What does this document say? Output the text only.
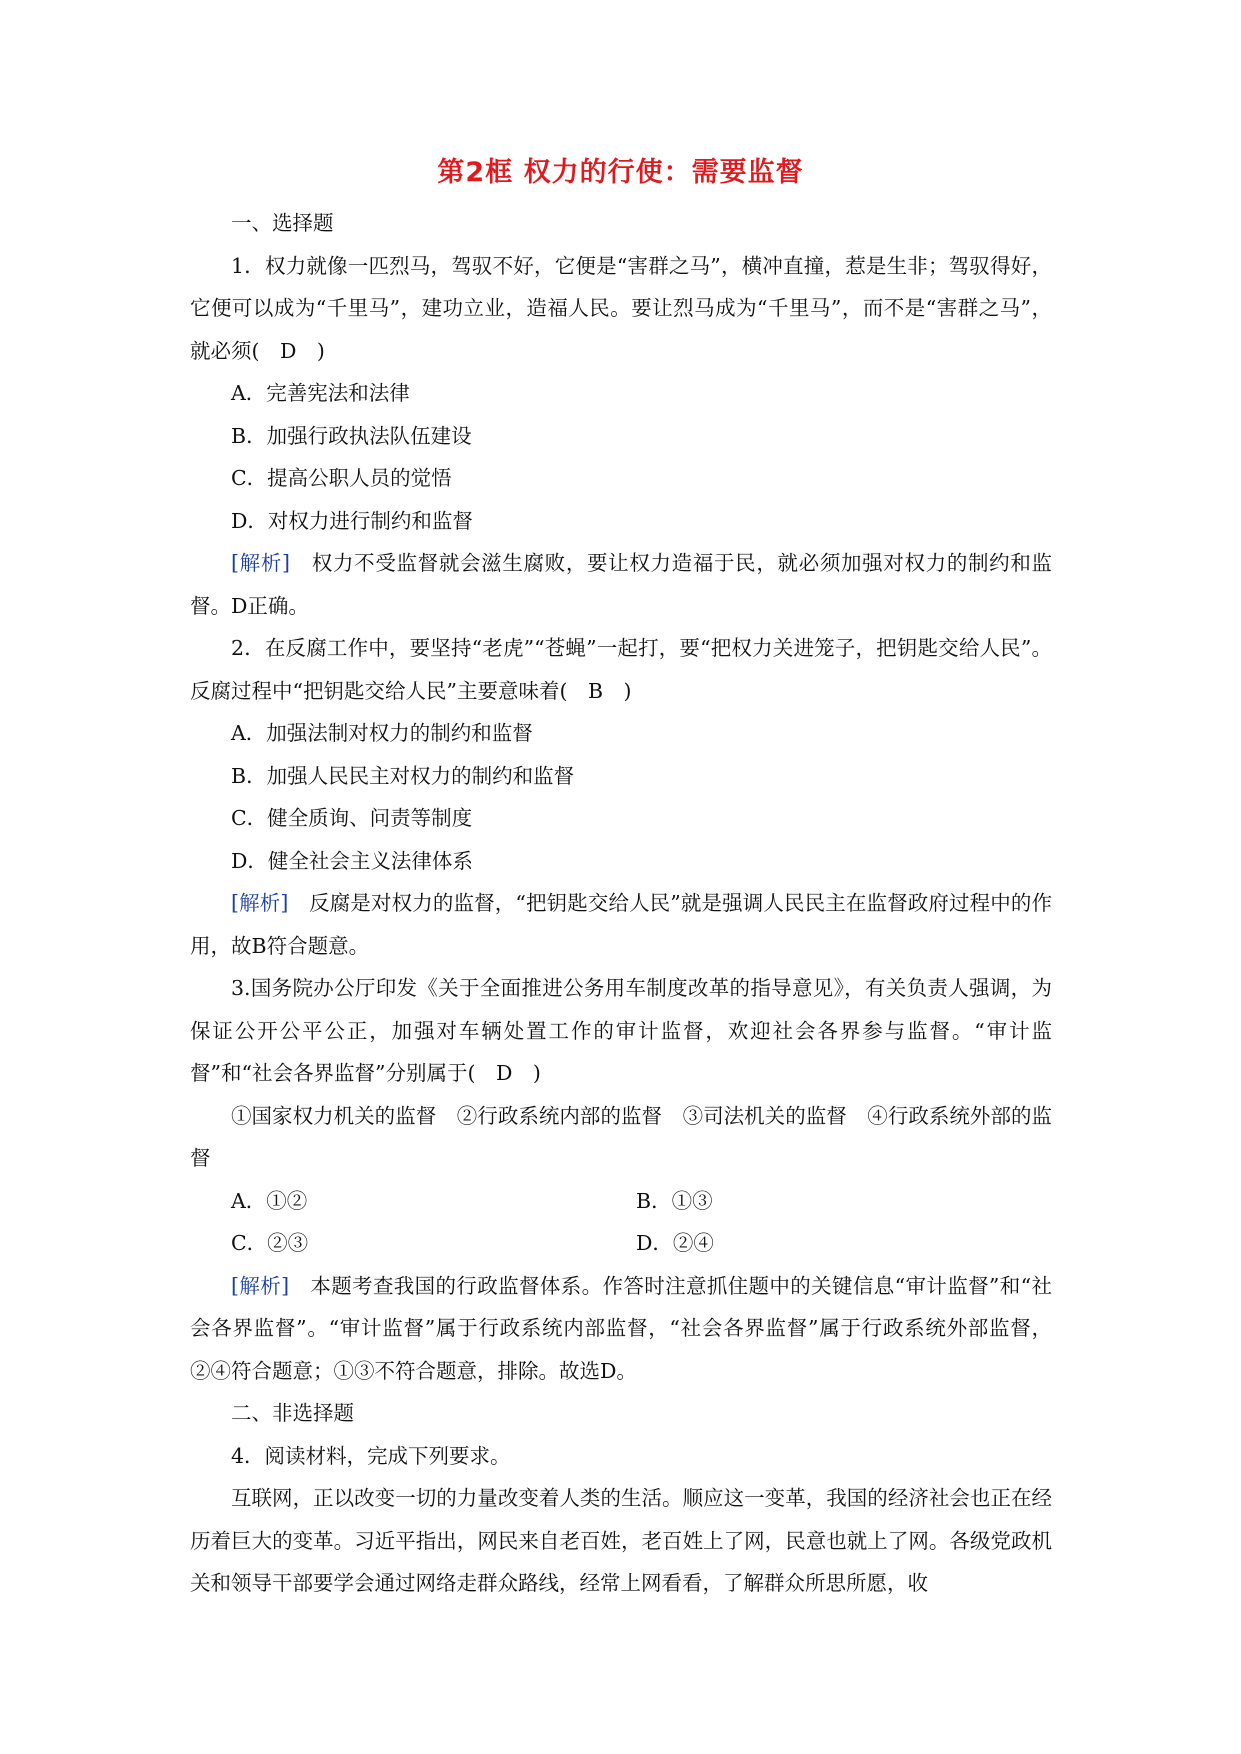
第2框 权力的行使：需要监督

一、选择题

1．权力就像一匹烈马，驾驭不好，它便是“害群之马”，横冲直撞，惹是生非；驾驭得好，它便可以成为“千里马”，建功立业，造福人民。要让烈马成为“千里马”，而不是“害群之马”，就必须(　D　)

A．完善宪法和法律

B．加强行政执法队伍建设

C．提高公职人员的觉悟

D．对权力进行制约和监督

[解析]　权力不受监督就会滋生腐败，要让权力造福于民，就必须加强对权力的制约和监督。D正确。

2．在反腐工作中，要坚持“老虎”“苍蝇”一起打，要“把权力关进笼子，把钥匙交给人民”。反腐过程中“把钥匙交给人民”主要意味着(　B　)

A．加强法制对权力的制约和监督

B．加强人民民主对权力的制约和监督

C．健全质询、问责等制度

D．健全社会主义法律体系

[解析]　反腐是对权力的监督，“把钥匙交给人民”就是强调人民民主在监督政府过程中的作用，故B符合题意。

3.国务院办公厅印发《关于全面推进公务用车制度改革的指导意见》，有关负责人强调，为保证公开公平公正，加强对车辆处置工作的审计监督，欢迎社会各界参与监督。“审计监督”和“社会各界监督”分别属于(　D　)

①国家权力机关的监督　②行政系统内部的监督　③司法机关的监督　④行政系统外部的监督

A．①②	B．①③
C．②③	D．②④

[解析]　本题考查我国的行政监督体系。作答时注意抓住题中的关键信息“审计监督”和“社会各界监督”。“审计监督”属于行政系统内部监督，“社会各界监督”属于行政系统外部监督，②④符合题意；①③不符合题意，排除。故选D。

二、非选择题

4．阅读材料，完成下列要求。

互联网，正以改变一切的力量改变着人类的生活。顺应这一变革，我国的经济社会也正在经历着巨大的变革。习近平指出，网民来自老百姓，老百姓上了网，民意也就上了网。各级党政机关和领导干部要学会通过网络走群众路线，经常上网看看，了解群众所思所愿，收
